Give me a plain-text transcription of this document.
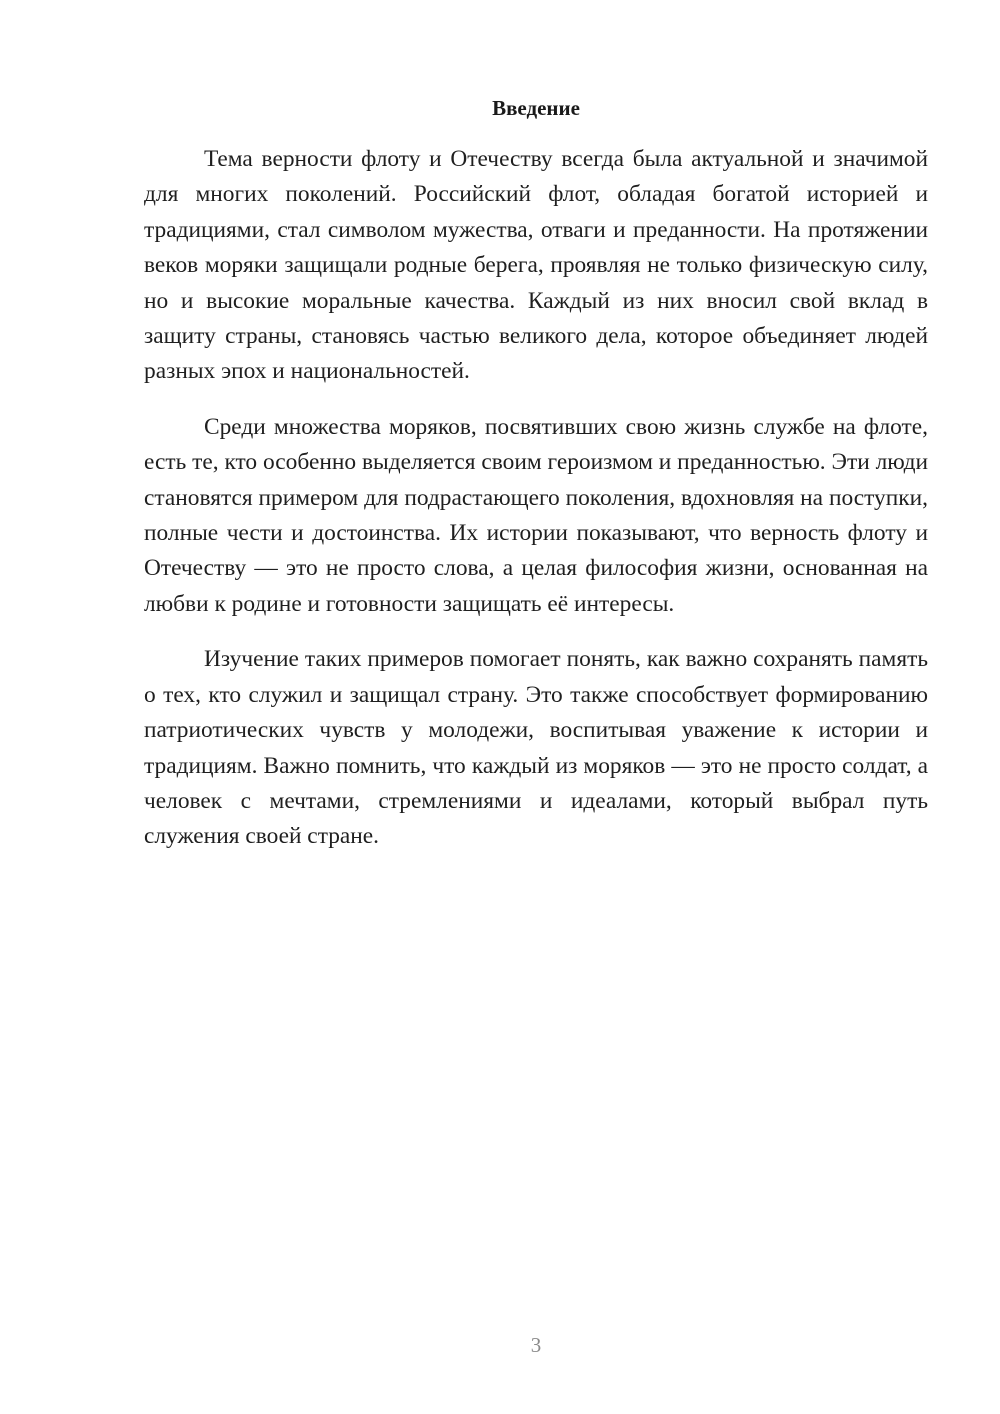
Введение

Тема верности флоту и Отечеству всегда была актуальной и значимой для многих поколений. Российский флот, обладая богатой историей и традициями, стал символом мужества, отваги и преданности. На протяжении веков моряки защищали родные берега, проявляя не только физическую силу, но и высокие моральные качества. Каждый из них вносил свой вклад в защиту страны, становясь частью великого дела, которое объединяет людей разных эпох и национальностей.

Среди множества моряков, посвятивших свою жизнь службе на флоте, есть те, кто особенно выделяется своим героизмом и преданностью. Эти люди становятся примером для подрастающего поколения, вдохновляя на поступки, полные чести и достоинства. Их истории показывают, что верность флоту и Отечеству — это не просто слова, а целая философия жизни, основанная на любви к родине и готовности защищать её интересы.

Изучение таких примеров помогает понять, как важно сохранять память о тех, кто служил и защищал страну. Это также способствует формированию патриотических чувств у молодежи, воспитывая уважение к истории и традициям. Важно помнить, что каждый из моряков — это не просто солдат, а человек с мечтами, стремлениями и идеалами, который выбрал путь служения своей стране.

3
